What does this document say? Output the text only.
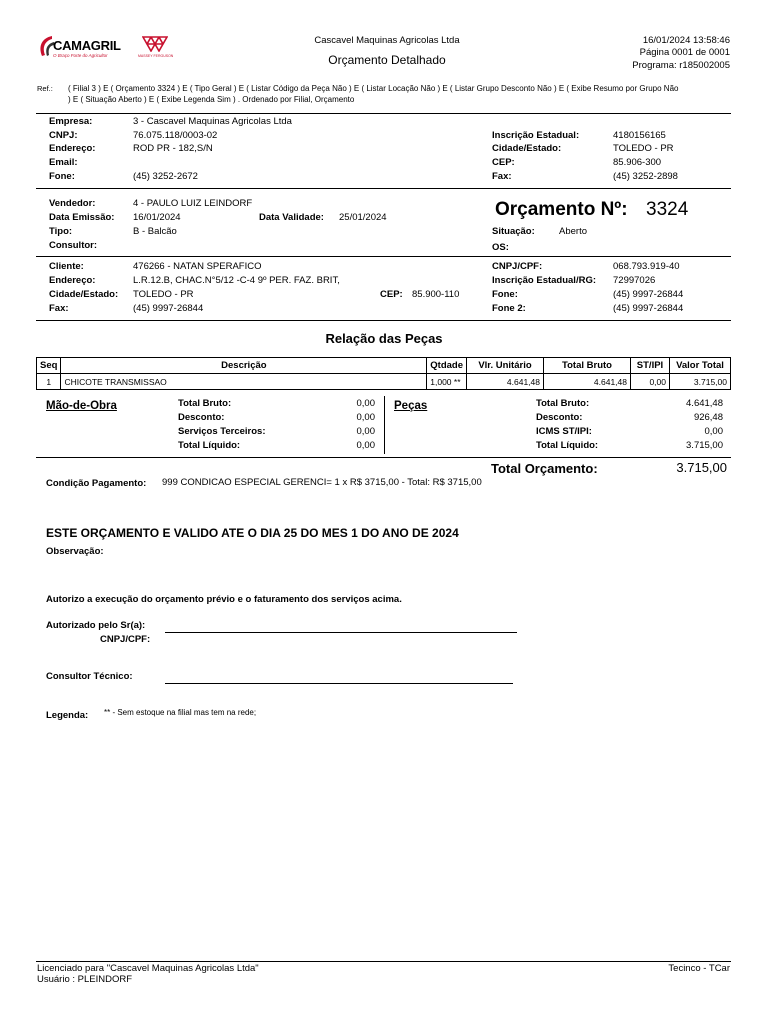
CAMAGRIL
O Braço Forte do Agricultor	MASSEY FERGUSON
Cascavel Maquinas Agricolas Ltda
Orçamento Detalhado
16/01/2024 13:58:46
Página 0001 de 0001
Programa: r185002005
Ref.: ( Filial 3 ) E ( Orçamento 3324 ) E ( Tipo Geral ) E ( Listar Código da Peça Não ) E ( Listar Locação Não ) E ( Listar Grupo Desconto Não ) E ( Exibe Resumo por Grupo Não
) E ( Situação Aberto ) E ( Exibe Legenda Sim ) . Ordenado por Filial, Orçamento
Empresa:	3 - Cascavel Maquinas Agricolas Ltda
CNPJ:	76.075.118/0003-02
Endereço:	ROD PR - 182,S/N
Email:
Fone:	(45) 3252-2672
Inscrição Estadual:	4180156165
Cidade/Estado:	TOLEDO - PR
CEP:	85.906-300
Fax:	(45) 3252-2898
Vendedor:	4 - PAULO LUIZ LEINDORF
Data Emissão: 16/01/2024	Data Validade: 25/01/2024
Tipo:	B - Balcão
Consultor:
Orçamento Nº: 3324
Situação:	Aberto
OS:
Cliente:	476266 - NATAN SPERAFICO
Endereço:	L.R.12.B, CHAC.N°5/12 -C-4 9º PER. FAZ. BRIT,
Cidade/Estado: TOLEDO - PR	CEP: 85.900-110
Fax:	(45) 9997-26844
CNPJ/CPF:	068.793.919-40
Inscrição Estadual/RG: 72997026
Fone:	(45) 9997-26844
Fone 2:	(45) 9997-26844
Relação das Peças
Seq	Descrição	Qtdade	Vlr. Unitário	Total Bruto	ST/IPI	Valor Total
1	CHICOTE TRANSMISSAO	1,000 **	4.641,48	4.641,48	0,00	3.715,00
Mão-de-Obra	Total Bruto:	0,00
Desconto:	0,00
Serviços Terceiros:	0,00
Total Líquido:	0,00
Peças	Total Bruto:	4.641,48
Desconto:	926,48
ICMS ST/IPI:	0,00
Total Líquido:	3.715,00
Total Orçamento:	3.715,00
Condição Pagamento: 999 CONDICAO ESPECIAL GERENCI= 1 x R$ 3715,00 - Total: R$ 3715,00
ESTE ORÇAMENTO E VALIDO ATE O DIA 25 DO MES 1 DO ANO DE 2024
Observação:
Autorizo a execução do orçamento prévio e o faturamento dos serviços acima.
Autorizado pelo Sr(a):
CNPJ/CPF:
Consultor Técnico:
Legenda: ** - Sem estoque na filial mas tem na rede;
Licenciado para "Cascavel Maquinas Agricolas Ltda"
Usuário : PLEINDORF
Tecinco - TCar
